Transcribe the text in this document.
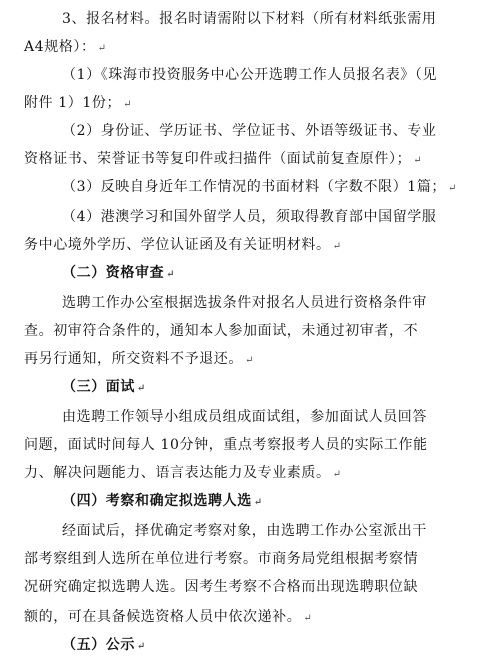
3、报名材料。报名时请需附以下材料（所有材料纸张需用
A4规格）： ↵
（1）《珠海市投资服务中心公开选聘工作人员报名表》（见
附件 1）1份； ↵
（2）身份证、学历证书、学位证书、外语等级证书、专业
资格证书、荣誉证书等复印件或扫描件（面试前复查原件）； ↵
（3）反映自身近年工作情况的书面材料（字数不限）1篇； ↵
（4）港澳学习和国外留学人员，须取得教育部中国留学服
务中心境外学历、学位认证函及有关证明材料。 ↵
（二）资格审查 ↵
选聘工作办公室根据选拔条件对报名人员进行资格条件审
查。初审符合条件的，通知本人参加面试，未通过初审者，不
再另行通知，所交资料不予退还。 ↵
（三）面试 ↵
由选聘工作领导小组成员组成面试组，参加面试人员回答
问题，面试时间每人 10分钟，重点考察报考人员的实际工作能
力、解决问题能力、语言表达能力及专业素质。 ↵
（四）考察和确定拟选聘人选 ↵
经面试后，择优确定考察对象，由选聘工作办公室派出干
部考察组到人选所在单位进行考察。市商务局党组根据考察情
况研究确定拟选聘人选。因考生考察不合格而出现选聘职位缺
额的，可在具备候选资格人员中依次递补。 ↵
（五）公示 ↵
